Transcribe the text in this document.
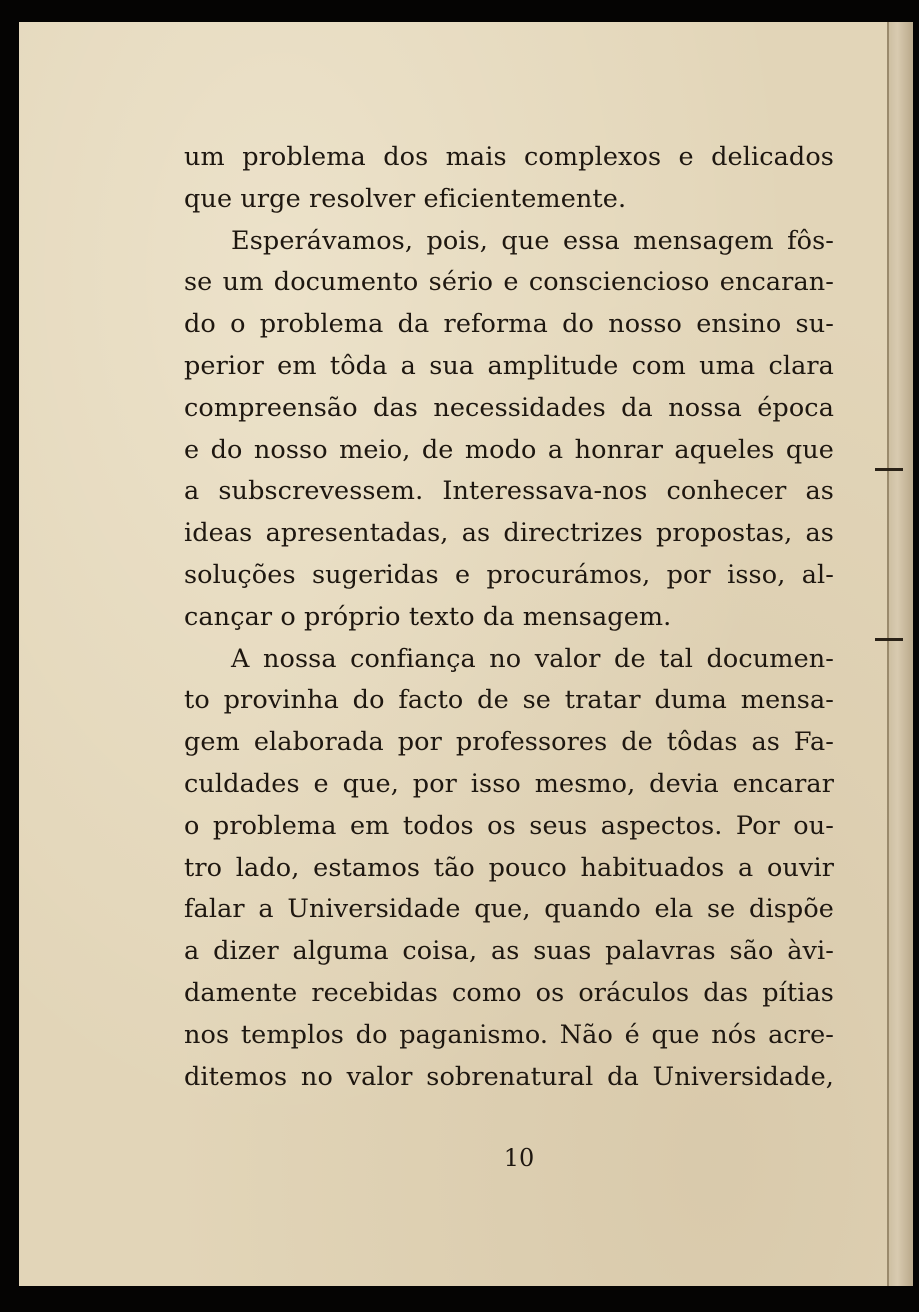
um problema dos mais complexos e delicados
que urge resolver eficientemente.
Esperávamos, pois, que essa mensagem fôs-
se um documento sério e consciencioso encaran-
do o problema da reforma do nosso ensino su-
perior em tôda a sua amplitude com uma clara
compreensão das necessidades da nossa época
e do nosso meio, de modo a honrar aqueles que
a subscrevessem. Interessava-nos conhecer as
ideas apresentadas, as directrizes propostas, as
soluções sugeridas e procurámos, por isso, al-
cançar o próprio texto da mensagem.
A nossa confiança no valor de tal documen-
to provinha do facto de se tratar duma mensa-
gem elaborada por professores de tôdas as Fa-
culdades e que, por isso mesmo, devia encarar
o problema em todos os seus aspectos. Por ou-
tro lado, estamos tão pouco habituados a ouvir
falar a Universidade que, quando ela se dispõe
a dizer alguma coisa, as suas palavras são àvi-
damente recebidas como os oráculos das pítias
nos templos do paganismo. Não é que nós acre-
ditemos no valor sobrenatural da Universidade,
10
